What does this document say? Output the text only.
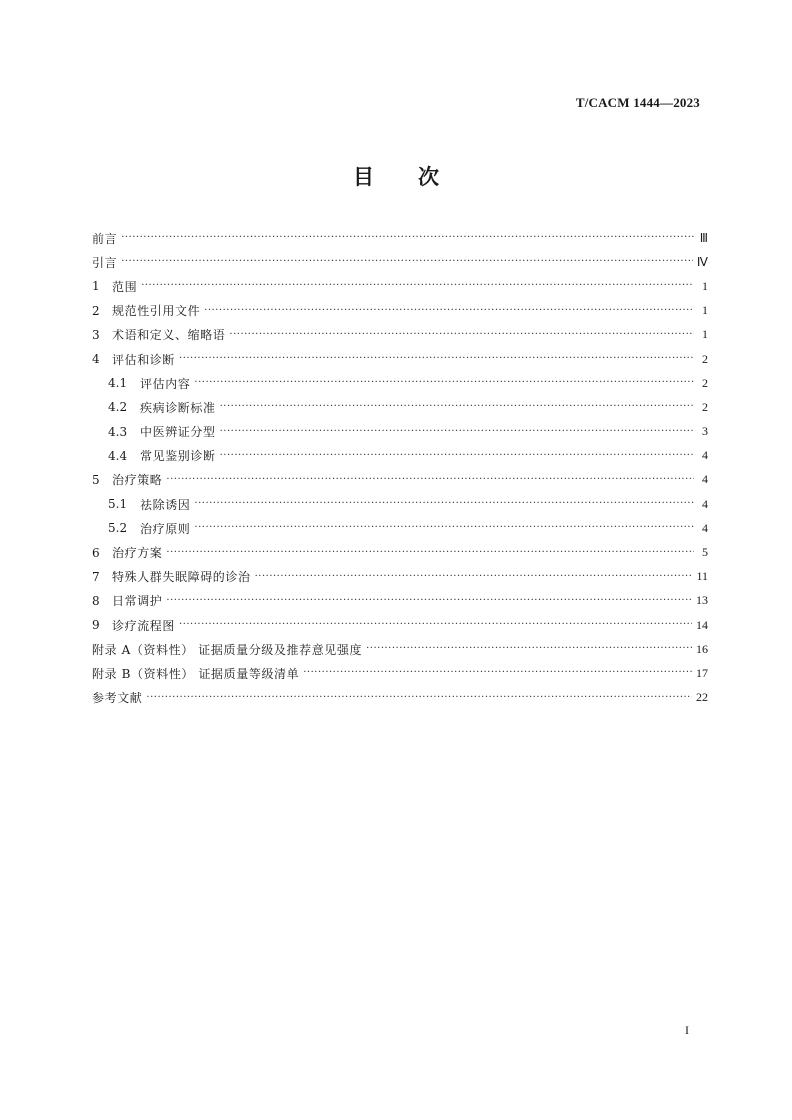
T/CACM 1444—2023
目 次
前言 ·····	Ⅲ
引言 ·····	Ⅳ
1	范围 ·····	1
2	规范性引用文件 ·····	1
3	术语和定义、缩略语 ·····	1
4	评估和诊断 ·····	2
4.1	评估内容 ·····	2
4.2	疾病诊断标准 ·····	2
4.3	中医辨证分型 ·····	3
4.4	常见鉴别诊断 ·····	4
5	治疗策略 ·····	4
5.1	祛除诱因 ·····	4
5.2	治疗原则 ·····	4
6	治疗方案 ·····	5
7	特殊人群失眠障碍的诊治 ·····	11
8	日常调护 ·····	13
9	诊疗流程图 ·····	14
附录 A（资料性） 证据质量分级及推荐意见强度 ·····	16
附录 B（资料性） 证据质量等级清单 ·····	17
参考文献 ·····	22
I
